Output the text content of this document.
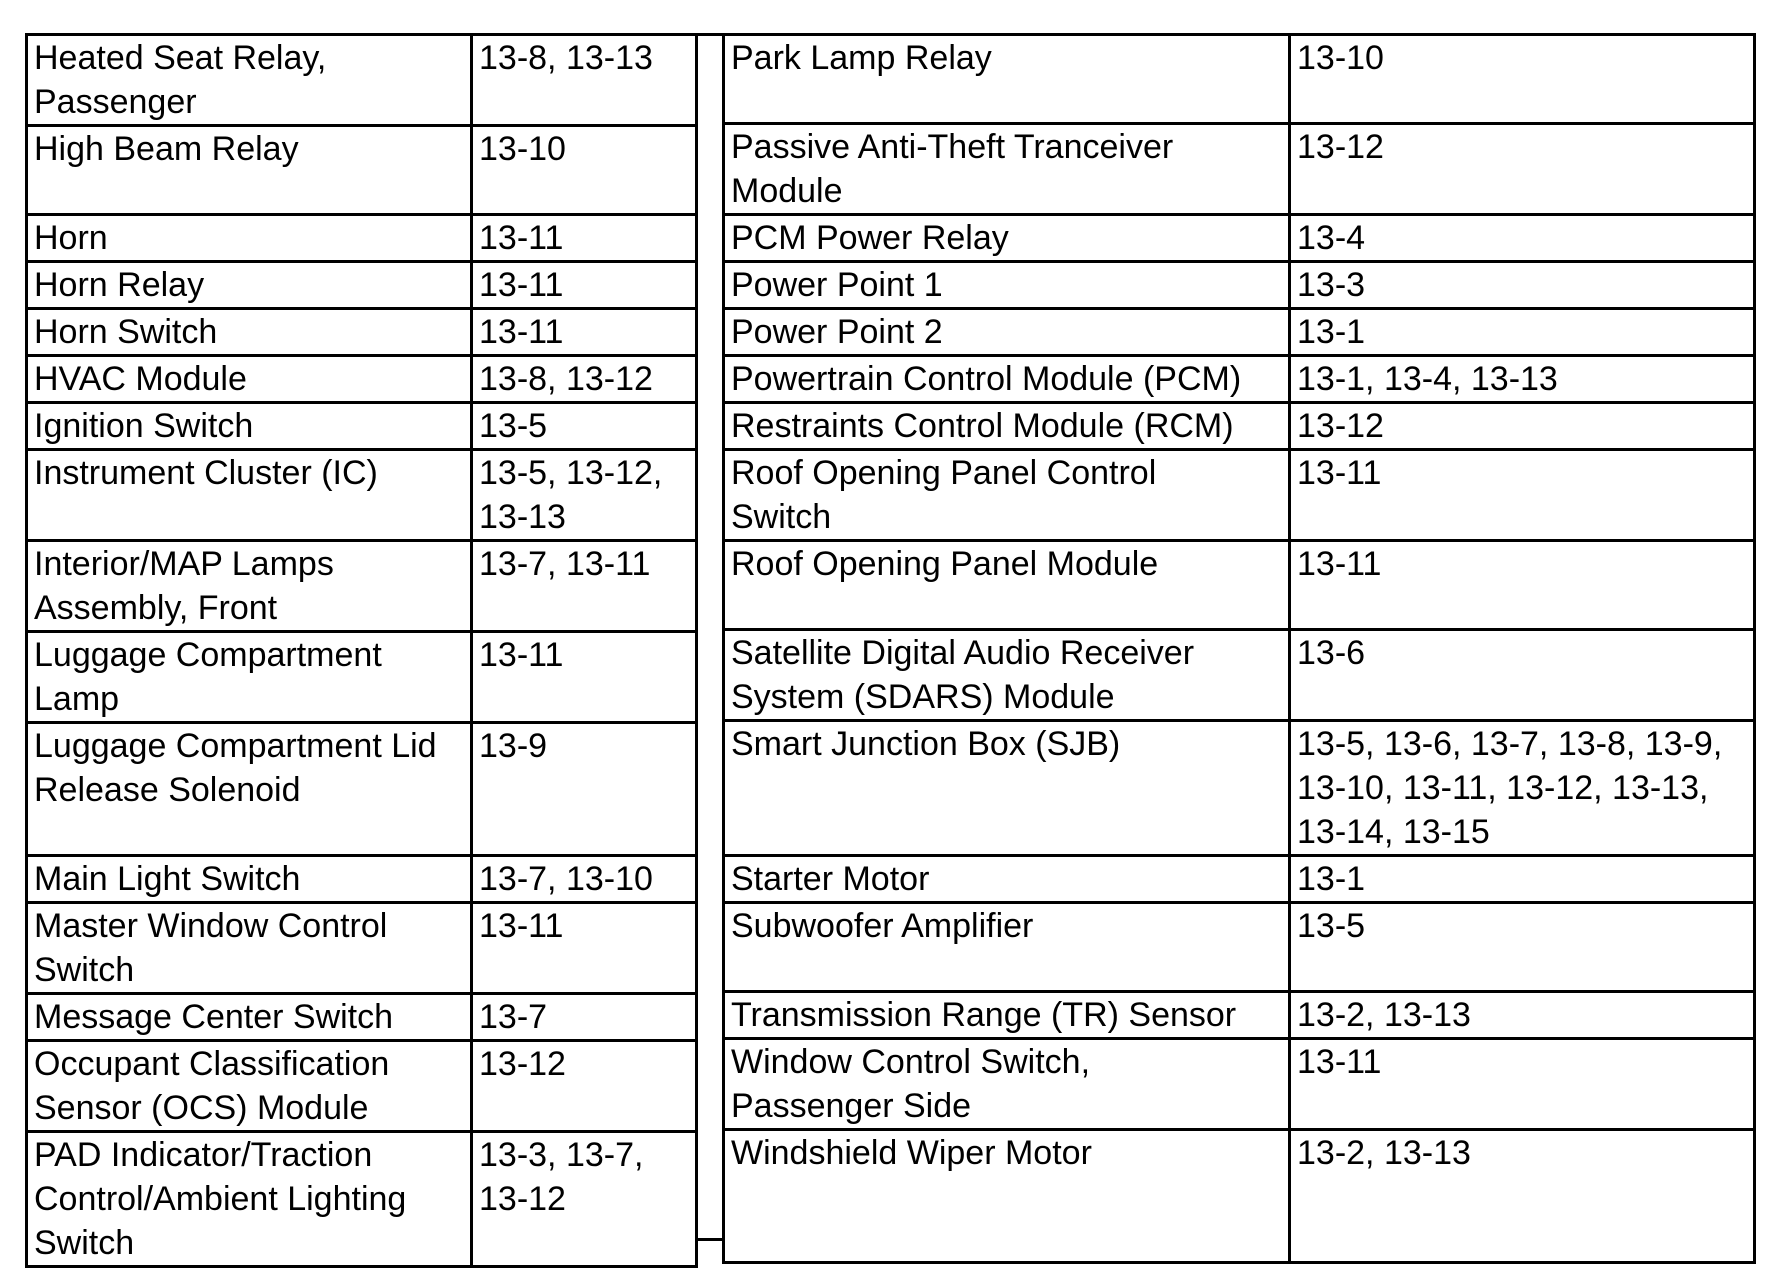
Heated Seat Relay,
Passenger	13-8, 13-13
High Beam Relay	13-10
Horn	13-11
Horn Relay	13-11
Horn Switch	13-11
HVAC Module	13-8, 13-12
Ignition Switch	13-5
Instrument Cluster (IC)	13-5, 13-12,
13-13
Interior/MAP Lamps
Assembly, Front	13-7, 13-11
Luggage Compartment
Lamp	13-11
Luggage Compartment Lid
Release Solenoid	13-9
Main Light Switch	13-7, 13-10
Master Window Control
Switch	13-11
Message Center Switch	13-7
Occupant Classification
Sensor (OCS) Module	13-12
PAD Indicator/Traction
Control/Ambient Lighting
Switch	13-3, 13-7,
13-12
Park Lamp Relay	13-10
Passive Anti-Theft Tranceiver
Module	13-12
PCM Power Relay	13-4
Power Point 1	13-3
Power Point 2	13-1
Powertrain Control Module (PCM)	13-1, 13-4, 13-13
Restraints Control Module (RCM)	13-12
Roof Opening Panel Control
Switch	13-11
Roof Opening Panel Module	13-11
Satellite Digital Audio Receiver
System (SDARS) Module	13-6
Smart Junction Box (SJB)	13-5, 13-6, 13-7, 13-8, 13-9,
13-10, 13-11, 13-12, 13-13,
13-14, 13-15
Starter Motor	13-1
Subwoofer Amplifier	13-5
Transmission Range (TR) Sensor	13-2, 13-13
Window Control Switch,
Passenger Side	13-11
Windshield Wiper Motor	13-2, 13-13
